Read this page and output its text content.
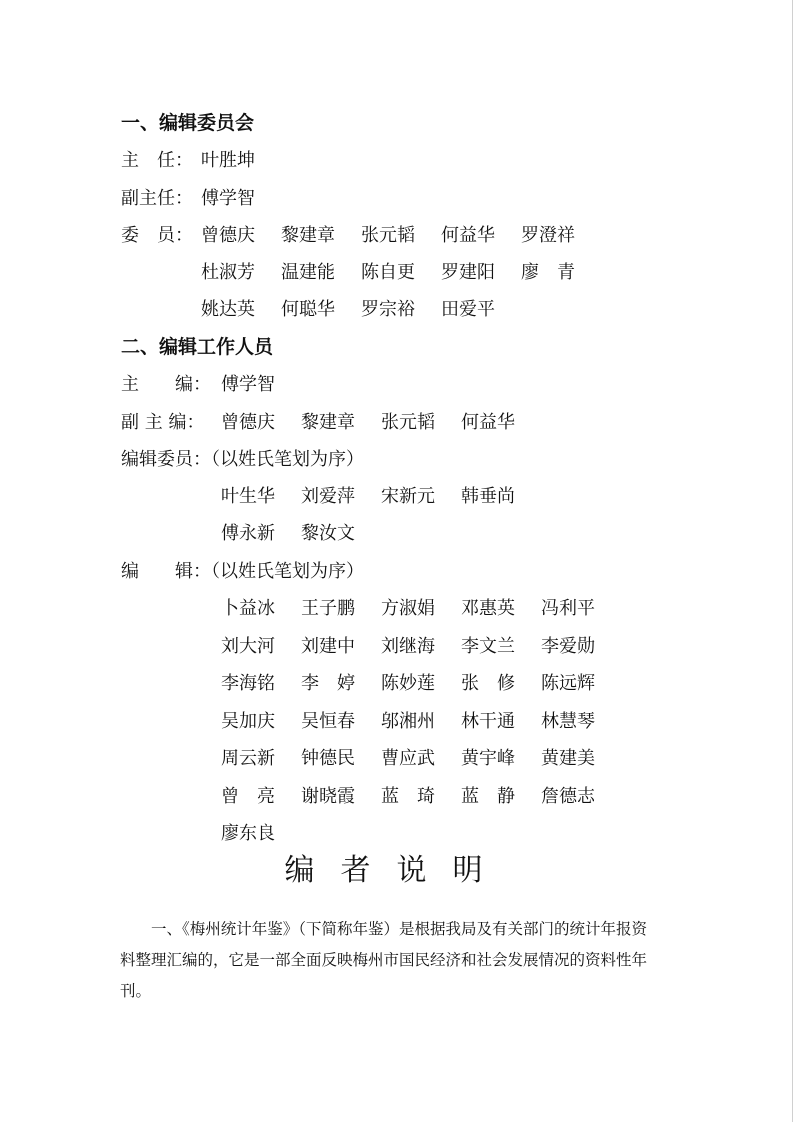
一、编辑委员会
主　任： 叶胜坤
副主任： 傅学智
委　员： 曾德庆 黎建章 张元韬 何益华 罗澄祥
杜淑芳 温建能 陈自更 罗建阳 廖　青
姚达英 何聪华 罗宗裕 田爱平
二、编辑工作人员
主　　编： 傅学智
副 主 编： 曾德庆 黎建章 张元韬 何益华
编辑委员：（以姓氏笔划为序）
叶生华 刘爱萍 宋新元 韩垂尚
傅永新 黎汝文
编　　辑：（以姓氏笔划为序）
卜益冰 王子鹏 方淑娟 邓惠英 冯利平
刘大河 刘建中 刘继海 李文兰 李爱勋
李海铭 李　婷 陈妙莲 张　修 陈远辉
吴加庆 吴恒春 邬湘州 林干通 林慧琴
周云新 钟德民 曹应武 黄宇峰 黄建美
曾　亮 谢晓霞 蓝　琦 蓝　静 詹德志
廖东良
编者说明
一、《梅州统计年鉴》（下简称年鉴）是根据我局及有关部门的统计年报资料整理汇编的，它是一部全面反映梅州市国民经济和社会发展情况的资料性年刊。
